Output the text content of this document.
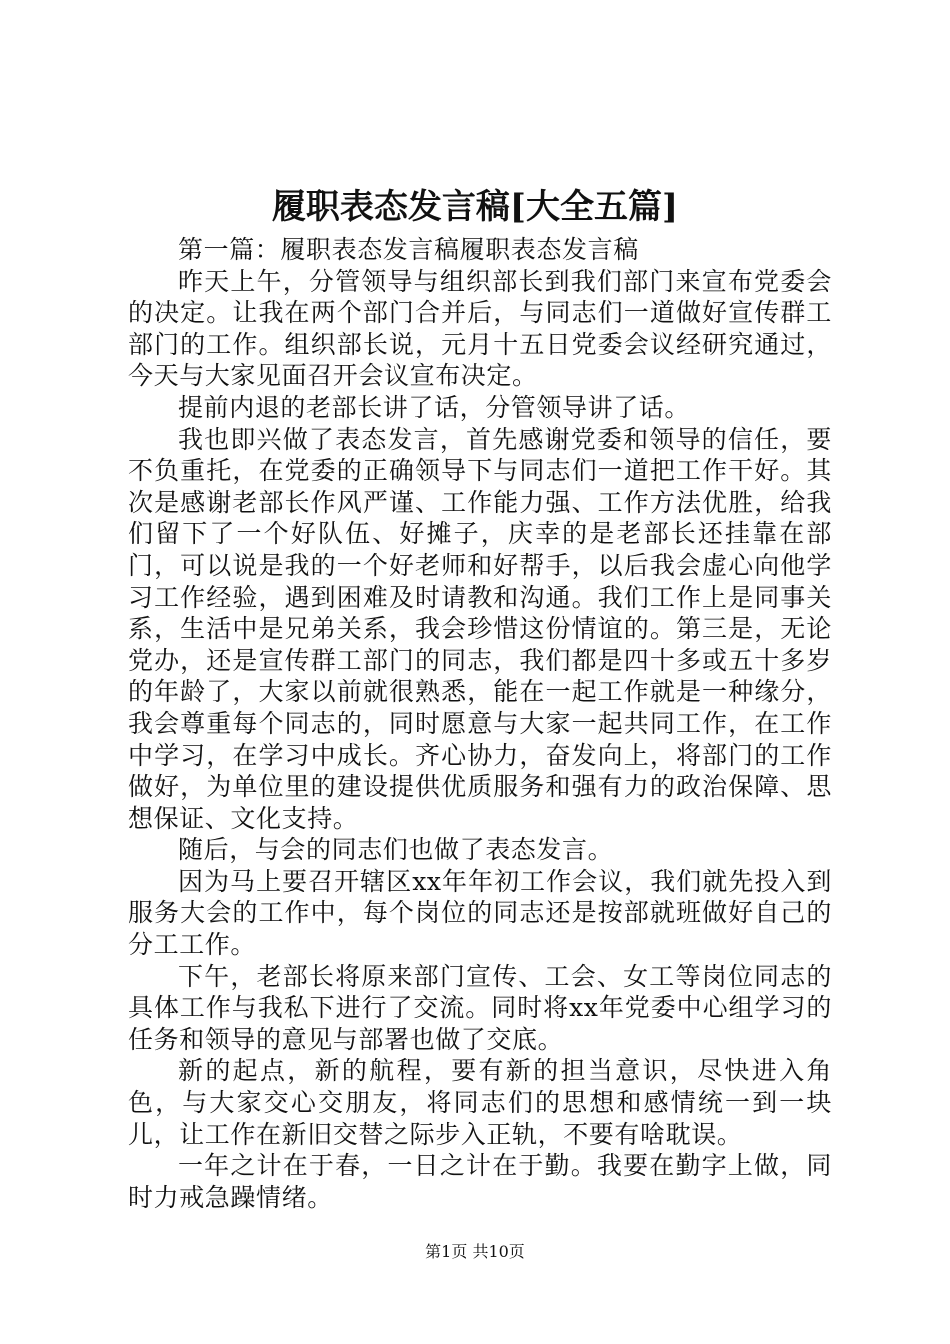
履职表态发言稿[大全五篇]

第一篇：履职表态发言稿履职表态发言稿

昨天上午，分管领导与组织部长到我们部门来宣布党委会的决定。让我在两个部门合并后，与同志们一道做好宣传群工部门的工作。组织部长说，元月十五日党委会议经研究通过，今天与大家见面召开会议宣布决定。

提前内退的老部长讲了话，分管领导讲了话。

我也即兴做了表态发言，首先感谢党委和领导的信任，要不负重托，在党委的正确领导下与同志们一道把工作干好。其次是感谢老部长作风严谨、工作能力强、工作方法优胜，给我们留下了一个好队伍、好摊子，庆幸的是老部长还挂靠在部门，可以说是我的一个好老师和好帮手，以后我会虚心向他学习工作经验，遇到困难及时请教和沟通。我们工作上是同事关系，生活中是兄弟关系，我会珍惜这份情谊的。第三是，无论党办，还是宣传群工部门的同志，我们都是四十多或五十多岁的年龄了，大家以前就很熟悉，能在一起工作就是一种缘分，我会尊重每个同志的，同时愿意与大家一起共同工作，在工作中学习，在学习中成长。齐心协力，奋发向上，将部门的工作做好，为单位里的建设提供优质服务和强有力的政治保障、思想保证、文化支持。

随后，与会的同志们也做了表态发言。

因为马上要召开辖区xx年年初工作会议，我们就先投入到服务大会的工作中，每个岗位的同志还是按部就班做好自己的分工工作。

下午，老部长将原来部门宣传、工会、女工等岗位同志的具体工作与我私下进行了交流。同时将xx年党委中心组学习的任务和领导的意见与部署也做了交底。

新的起点，新的航程，要有新的担当意识，尽快进入角色，与大家交心交朋友，将同志们的思想和感情统一到一块儿，让工作在新旧交替之际步入正轨，不要有啥耽误。

一年之计在于春，一日之计在于勤。我要在勤字上做，同时力戒急躁情绪。

第1页 共10页
